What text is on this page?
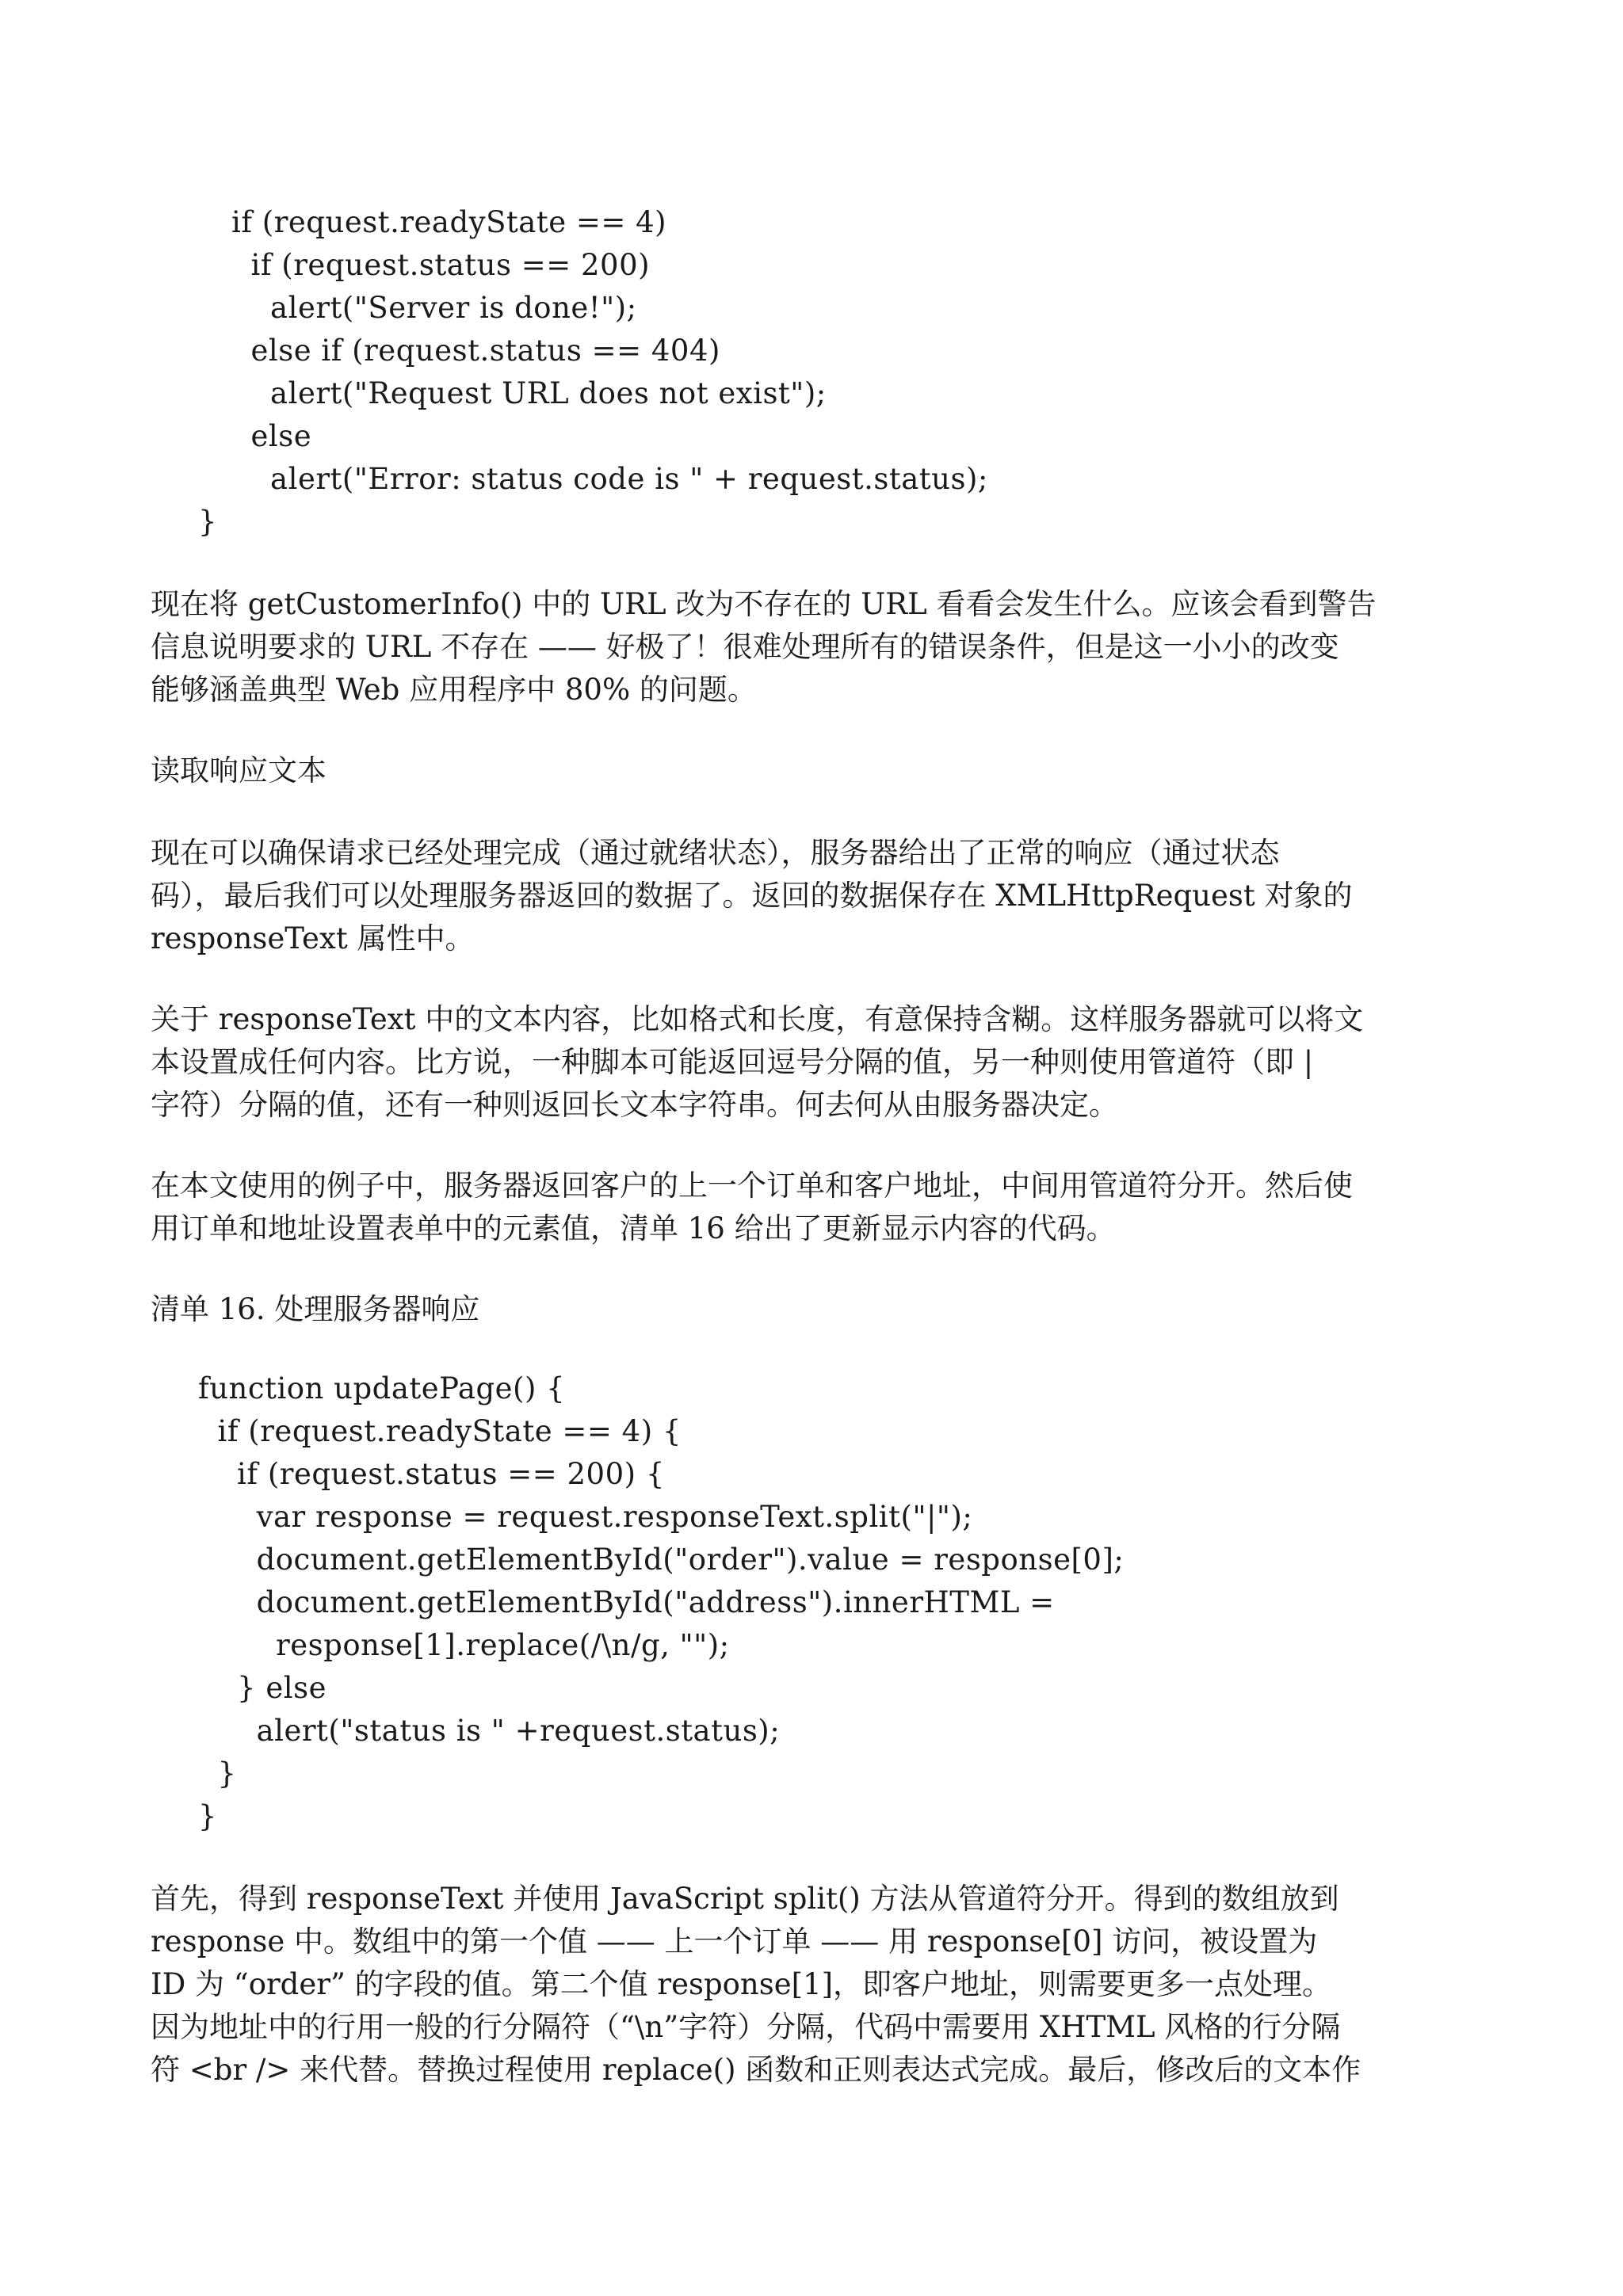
if (request.readyState == 4)
if (request.status == 200)
alert("Server is done!");
else if (request.status == 404)
alert("Request URL does not exist");
else
alert("Error: status code is " + request.status);
}
现在将 getCustomerInfo() 中的 URL 改为不存在的 URL 看看会发生什么。应该会看到警告
信息说明要求的 URL 不存在 —— 好极了！很难处理所有的错误条件，但是这一小小的改变
能够涵盖典型 Web 应用程序中 80% 的问题。
读取响应文本
现在可以确保请求已经处理完成（通过就绪状态），服务器给出了正常的响应（通过状态
码），最后我们可以处理服务器返回的数据了。返回的数据保存在 XMLHttpRequest 对象的
responseText 属性中。
关于 responseText 中的文本内容，比如格式和长度，有意保持含糊。这样服务器就可以将文
本设置成任何内容。比方说，一种脚本可能返回逗号分隔的值，另一种则使用管道符（即 |
字符）分隔的值，还有一种则返回长文本字符串。何去何从由服务器决定。
在本文使用的例子中，服务器返回客户的上一个订单和客户地址，中间用管道符分开。然后使
用订单和地址设置表单中的元素值，清单 16 给出了更新显示内容的代码。
清单 16. 处理服务器响应
function updatePage() {
if (request.readyState == 4) {
if (request.status == 200) {
var response = request.responseText.split("|");
document.getElementById("order").value = response[0];
document.getElementById("address").innerHTML =
response[1].replace(/\n/g, "");
} else
alert("status is " +request.status);
}
}
首先，得到 responseText 并使用 JavaScript split() 方法从管道符分开。得到的数组放到
response 中。数组中的第一个值 —— 上一个订单 —— 用 response[0] 访问，被设置为
ID 为 “order” 的字段的值。第二个值 response[1]，即客户地址，则需要更多一点处理。
因为地址中的行用一般的行分隔符（“\n”字符）分隔，代码中需要用 XHTML 风格的行分隔
符 <br /> 来代替。替换过程使用 replace() 函数和正则表达式完成。最后，修改后的文本作
